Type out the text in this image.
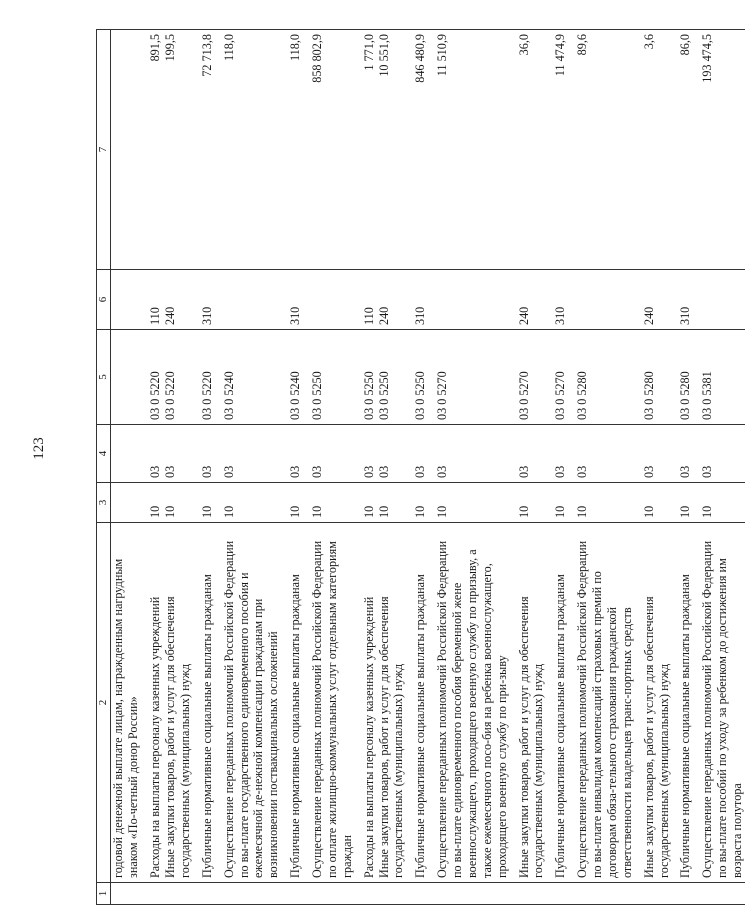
123
1	2	3	4	5	6	7
	годовой денежной выплате лицам, награжденным нагрудным знаком «По-четный донор России»					

	Расходы на выплаты персоналу казенных учреждений	10	03	03 0 5220	110	891,5
	Иные закупки товаров, работ и услуг для обеспечения государственных (муниципальных) нужд	10	03	03 0 5220	240	199,5

	Публичные нормативные социальные выплаты гражданам	10	03	03 0 5220	310	72 713,8

	Осуществление переданных полномочий Российской Федерации по вы-плате государственного единовременного пособия и ежемесячной де-нежной компенсации гражданам при возникновении поствакцинальных осложнений	10	03	03 0 5240		118,0

	Публичные нормативные социальные выплаты гражданам	10	03	03 0 5240	310	118,0

	Осуществление переданных полномочий Российской Федерации по оплате жилищно-коммунальных услуг отдельным категориям граждан	10	03	03 0 5250		858 802,9

	Расходы на выплаты персоналу казенных учреждений	10	03	03 0 5250	110	1 771,0
	Иные закупки товаров, работ и услуг для обеспечения государственных (муниципальных) нужд	10	03	03 0 5250	240	10 551,0

	Публичные нормативные социальные выплаты гражданам	10	03	03 0 5250	310	846 480,9

	Осуществление переданных полномочий Российской Федерации по вы-плате единовременного пособия беременной жене военнослужащего, проходящего военную службу по призыву, а также ежемесячного посо-бия на ребенка военнослужащего, проходящего военную службу по при-зыву	10	03	03 0 5270		11 510,9

	Иные закупки товаров, работ и услуг для обеспечения государственных (муниципальных) нужд	10	03	03 0 5270	240	36,0

	Публичные нормативные социальные выплаты гражданам	10	03	03 0 5270	310	11 474,9

	Осуществление переданных полномочий Российской Федерации по вы-плате инвалидам компенсаций страховых премий по договорам обяза-тельного страхования гражданской ответственности владельцев транс-портных средств	10	03	03 0 5280		89,6

	Иные закупки товаров, работ и услуг для обеспечения государственных (муниципальных) нужд	10	03	03 0 5280	240	3,6

	Публичные нормативные социальные выплаты гражданам	10	03	03 0 5280	310	86,0

	Осуществление переданных полномочий Российской Федерации по вы-плате пособий по уходу за ребенком до достижения им возраста полутора	10	03	03 0 5381		193 474,5
